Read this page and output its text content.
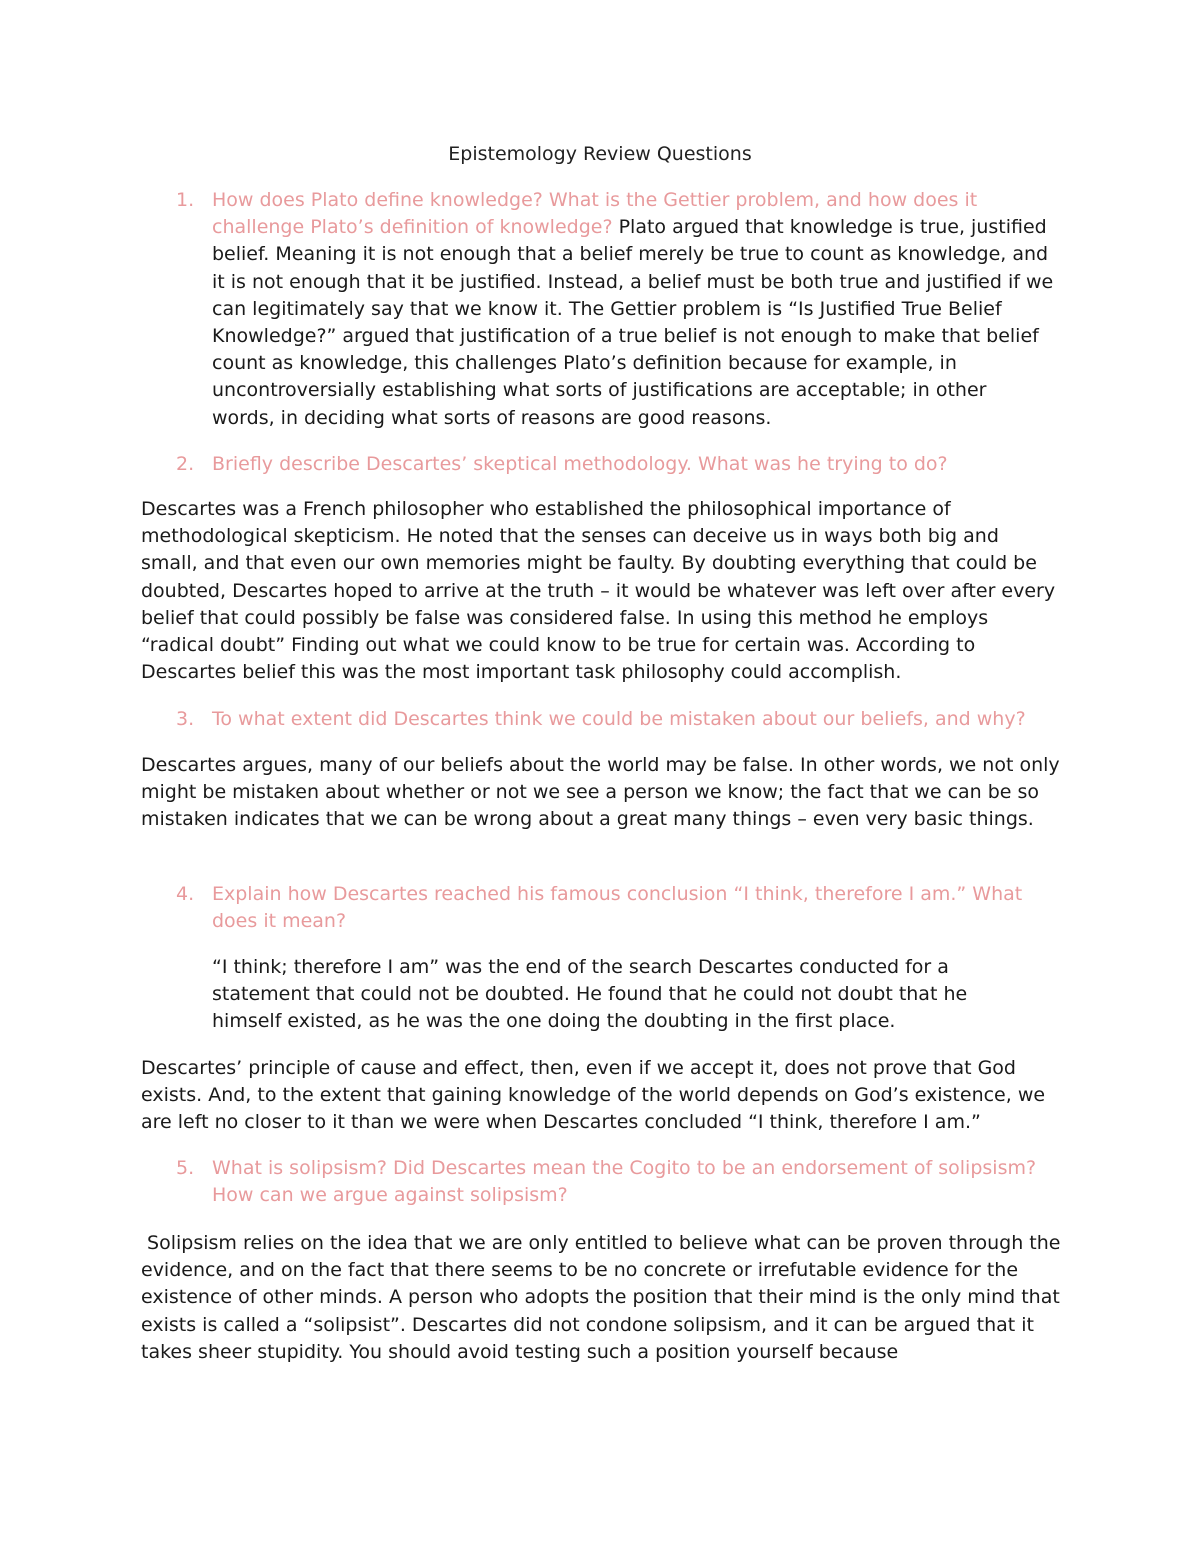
Epistemology Review Questions
1. How does Plato define knowledge? What is the Gettier problem, and how does it challenge Plato’s definition of knowledge? Plato argued that knowledge is true, justified belief. Meaning it is not enough that a belief merely be true to count as knowledge, and it is not enough that it be justified. Instead, a belief must be both true and justified if we can legitimately say that we know it. The Gettier problem is “Is Justified True Belief Knowledge?” argued that justification of a true belief is not enough to make that belief count as knowledge, this challenges Plato’s definition because for example, in uncontroversially establishing what sorts of justifications are acceptable; in other words, in deciding what sorts of reasons are good reasons.
2. Briefly describe Descartes’ skeptical methodology. What was he trying to do?

Descartes was a French philosopher who established the philosophical importance of methodological skepticism. He noted that the senses can deceive us in ways both big and small, and that even our own memories might be faulty. By doubting everything that could be doubted, Descartes hoped to arrive at the truth – it would be whatever was left over after every belief that could possibly be false was considered false. In using this method he employs “radical doubt” Finding out what we could know to be true for certain was. According to Descartes belief this was the most important task philosophy could accomplish.

3. To what extent did Descartes think we could be mistaken about our beliefs, and why?

Descartes argues, many of our beliefs about the world may be false. In other words, we not only might be mistaken about whether or not we see a person we know; the fact that we can be so mistaken indicates that we can be wrong about a great many things – even very basic things.

4. Explain how Descartes reached his famous conclusion “I think, therefore I am.” What does it mean?

“I think; therefore I am” was the end of the search Descartes conducted for a statement that could not be doubted. He found that he could not doubt that he himself existed, as he was the one doing the doubting in the first place.

Descartes’ principle of cause and effect, then, even if we accept it, does not prove that God exists. And, to the extent that gaining knowledge of the world depends on God’s existence, we are left no closer to it than we were when Descartes concluded “I think, therefore I am.”

5. What is solipsism? Did Descartes mean the Cogito to be an endorsement of solipsism? How can we argue against solipsism?

Solipsism relies on the idea that we are only entitled to believe what can be proven through the evidence, and on the fact that there seems to be no concrete or irrefutable evidence for the existence of other minds. A person who adopts the position that their mind is the only mind that exists is called a “solipsist”. Descartes did not condone solipsism, and it can be argued that it takes sheer stupidity. You should avoid testing such a position yourself because
